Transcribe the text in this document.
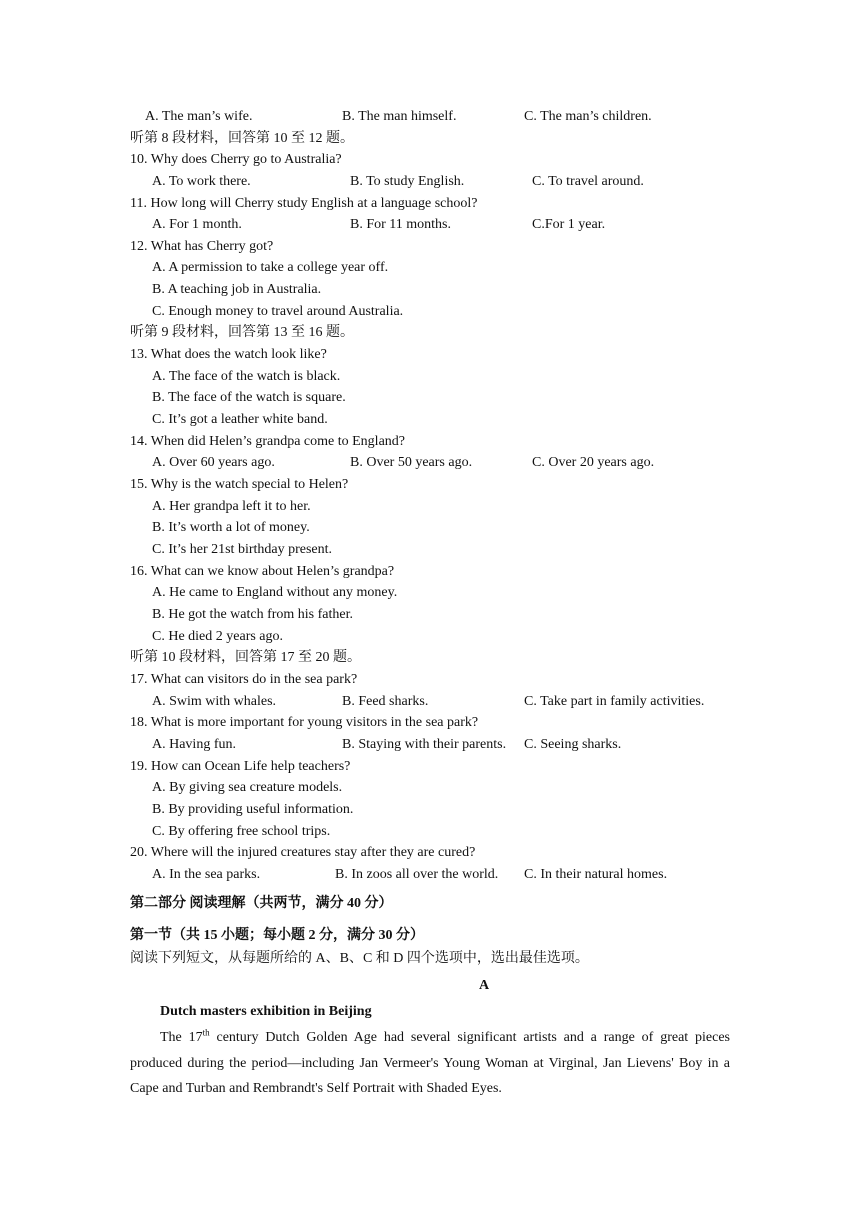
A. The man’s wife.	B. The man himself.	C. The man’s children.
听第 8 段材料，回答第 10 至 12 题。
10. Why does Cherry go to Australia?
A. To work there.	B. To study English.	C. To travel around.
11. How long will Cherry study English at a language school?
A. For 1 month.	B. For 11 months.	C.For 1 year.
12. What has Cherry got?
A. A permission to take a college year off.
B. A teaching job in Australia.
C. Enough money to travel around Australia.
听第 9 段材料，回答第 13 至 16 题。
13. What does the watch look like?
A. The face of the watch is black.
B. The face of the watch is square.
C. It’s got a leather white band.
14. When did Helen’s grandpa come to England?
A. Over 60 years ago.	B. Over 50 years ago.	C. Over 20 years ago.
15. Why is the watch special to Helen?
A. Her grandpa left it to her.
B. It’s worth a lot of money.
C. It’s her 21st birthday present.
16. What can we know about Helen’s grandpa?
A. He came to England without any money.
B. He got the watch from his father.
C. He died 2 years ago.
听第 10 段材料，回答第 17 至 20 题。
17. What can visitors do in the sea park?
A. Swim with whales.	B. Feed sharks.	C. Take part in family activities.
18. What is more important for young visitors in the sea park?
A. Having fun.	B. Staying with their parents. C. Seeing sharks.
19. How can Ocean Life help teachers?
A. By giving sea creature models.
B. By providing useful information.
C. By offering free school trips.
20. Where will the injured creatures stay after they are cured?
A. In the sea parks.	B. In zoos all over the world. C. In their natural homes.
第二部分 阅读理解（共两节，满分 40 分）
第一节（共 15 小题；每小题 2 分，满分 30 分）
阅读下列短文，从每题所给的 A、B、C 和 D 四个选项中，选出最佳选项。
A
Dutch masters exhibition in Beijing
The 17th century Dutch Golden Age had several significant artists and a range of great pieces produced during the period—including Jan Vermeer's Young Woman at Virginal, Jan Lievens' Boy in a Cape and Turban and Rembrandt's Self Portrait with Shaded Eyes.
